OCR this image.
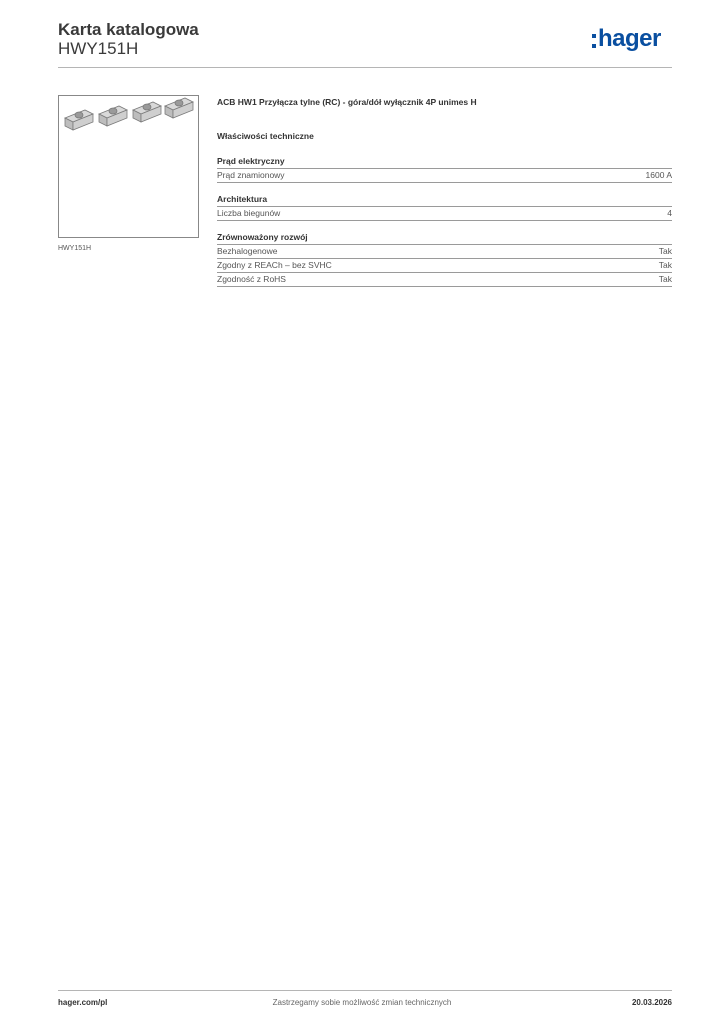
Karta katalogowa
HWY151H	hager
HWY151H
ACB HW1 Przyłącza tylne (RC) - góra/dół wyłącznik 4P unimes H
Właściwości techniczne
Prąd elektryczny
Prąd znamionowy	1600 A
Architektura
Liczba biegunów	4
Zrównoważony rozwój
Bezhalogenowe	Tak
Zgodny z REACh – bez SVHC	Tak
Zgodność z RoHS	Tak
hager.com/pl	Zastrzegamy sobie możliwość zmian technicznych	20.03.2026
